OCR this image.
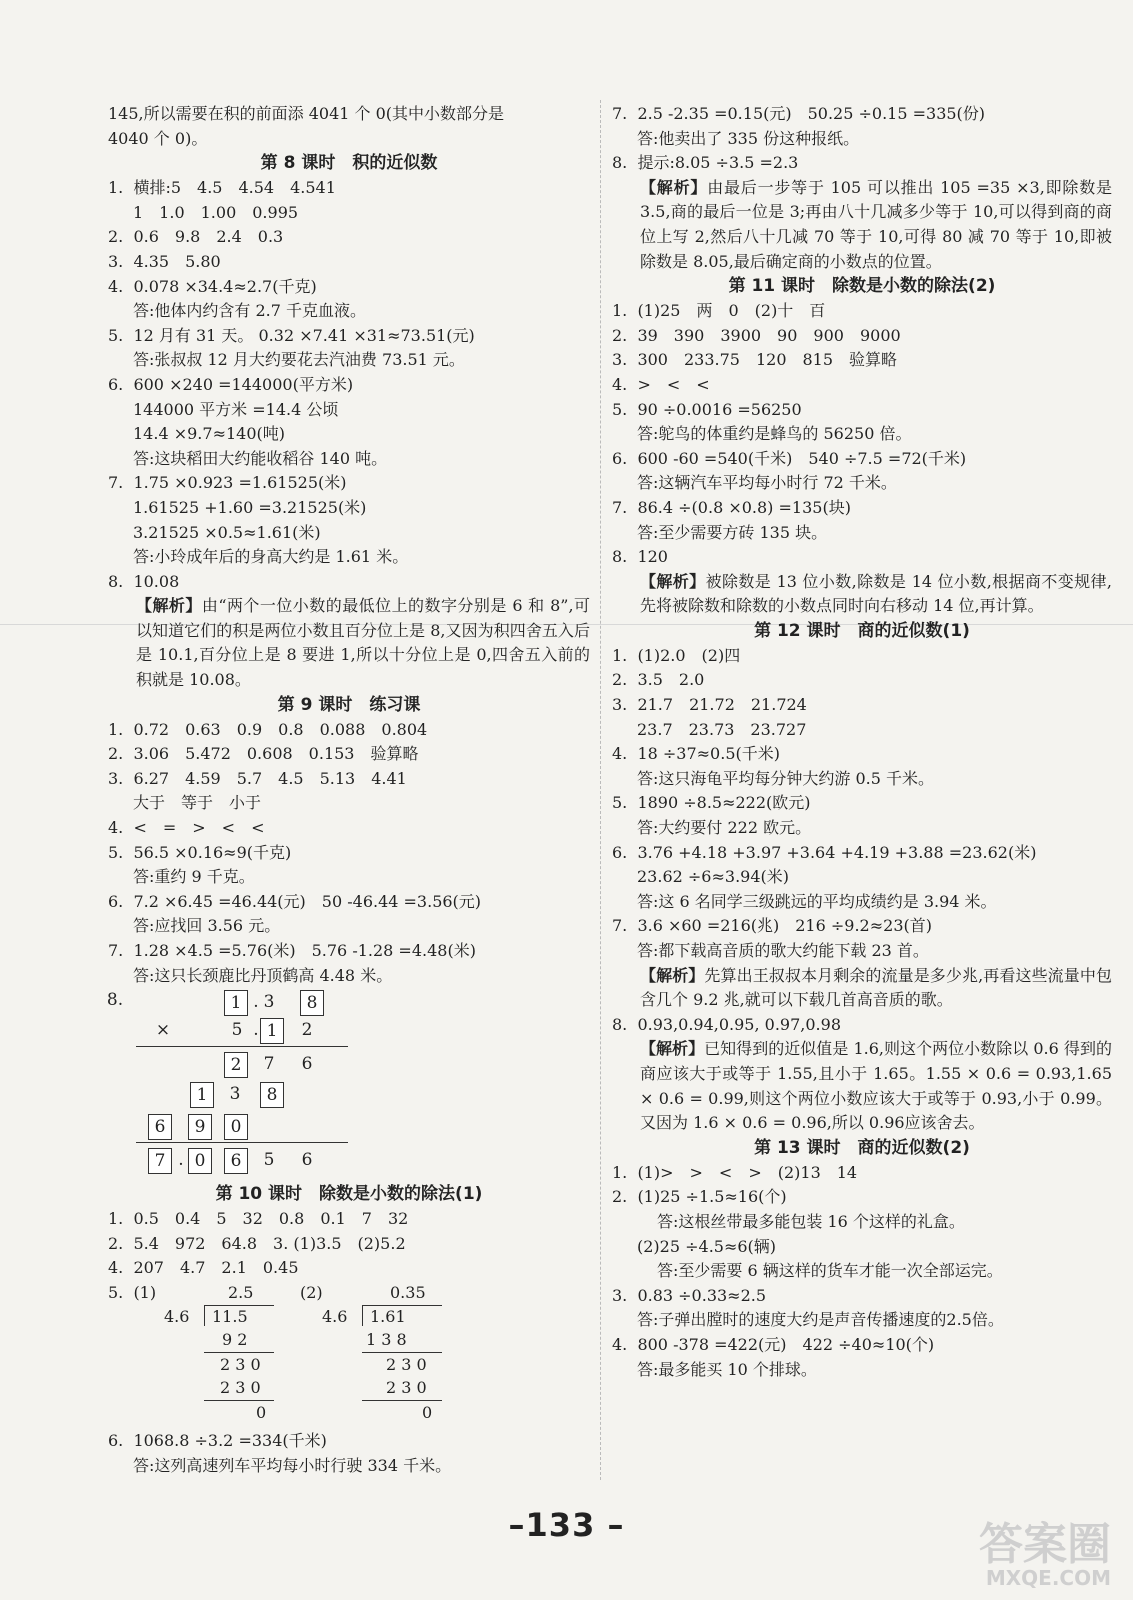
145,所以需要在积的前面添 4041 个 0(其中小数部分是
4040 个 0)。
第 8 课时　积的近似数
1.  横排:5　4.5　4.54　4.541
1　1.0　1.00　0.995
2.  0.6　9.8　2.4　0.3
3.  4.35　5.80
4.  0.078 ×34.4≈2.7(千克)
答:他体内约含有 2.7 千克血液。
5.  12 月有 31 天。 0.32 ×7.41 ×31≈73.51(元)
答:张叔叔 12 月大约要花去汽油费 73.51 元。
6.  600 ×240 =144000(平方米)
144000 平方米 =14.4 公顷
14.4 ×9.7≈140(吨)
答:这块稻田大约能收稻谷 140 吨。
7.  1.75 ×0.923 =1.61525(米)
1.61525 +1.60 =3.21525(米)
3.21525 ×0.5≈1.61(米)
答:小玲成年后的身高大约是 1.61 米。
8.  10.08
【解析】由“两个一位小数的最低位上的数字分别是 6 和 8”,可以知道它们的积是两位小数且百分位上是 8,又因为积四舍五入后是 10.1,百分位上是 8 要进 1,所以十分位上是 0,四舍五入前的积就是 10.08。
第 9 课时　练习课
1.  0.72　0.63　0.9　0.8　0.088　0.804
2.  3.06　5.472　0.608　0.153　验算略
3.  6.27　4.59　5.7　4.5　5.13　4.41
大于　等于　小于
4.  <　=　>　<　<
5.  56.5 ×0.16≈9(千克)
答:重约 9 千克。
6.  7.2 ×6.45 =46.44(元)　50 -46.44 =3.56(元)
答:应找回 3.56 元。
7.  1.28 ×4.5 =5.76(米)　5.76 -1.28 =4.48(米)
答:这只长颈鹿比丹顶鹤高 4.48 米。
8.	1 . 3	8
×	5 . 1	2
2	7	6
1	3	8
6	9	0
7 . 0	6	5	6
第 10 课时　除数是小数的除法(1)
1.  0.5　0.4　5　32　0.8　0.1　7　32
2.  5.4　972　64.8　3. (1)3.5　(2)5.2
4.  207　4.7　2.1　0.45
5.  (1)	2.5
4.6 11.5
9 2
2 3 0
2 3 0
0
(2)	0.35
4.6 1.61
1 3 8
2 3 0
2 3 0
0
6.  1068.8 ÷3.2 =334(千米)
答:这列高速列车平均每小时行驶 334 千米。
7.  2.5 -2.35 =0.15(元)　50.25 ÷0.15 =335(份)
答:他卖出了 335 份这种报纸。
8.  提示:8.05 ÷3.5 =2.3
【解析】由最后一步等于 105 可以推出 105 =35 ×3,即除数是 3.5,商的最后一位是 3;再由八十几减多少等于 10,可以得到商的商位上写 2,然后八十几减 70 等于 10,可得 80 减 70 等于 10,即被除数是 8.05,最后确定商的小数点的位置。
第 11 课时　除数是小数的除法(2)
1.  (1)25　两　0　(2)十　百
2.  39　390　3900　90　900　9000
3.  300　233.75　120　815　验算略
4.  >　<　<
5.  90 ÷0.0016 =56250
答:鸵鸟的体重约是蜂鸟的 56250 倍。
6.  600 -60 =540(千米)　540 ÷7.5 =72(千米)
答:这辆汽车平均每小时行 72 千米。
7.  86.4 ÷(0.8 ×0.8) =135(块)
答:至少需要方砖 135 块。
8.  120
【解析】被除数是 13 位小数,除数是 14 位小数,根据商不变规律,先将被除数和除数的小数点同时向右移动 14 位,再计算。
第 12 课时　商的近似数(1)
1.  (1)2.0　(2)四
2.  3.5　2.0
3.  21.7　21.72　21.724
23.7　23.73　23.727
4.  18 ÷37≈0.5(千米)
答:这只海龟平均每分钟大约游 0.5 千米。
5.  1890 ÷8.5≈222(欧元)
答:大约要付 222 欧元。
6.  3.76 +4.18 +3.97 +3.64 +4.19 +3.88 =23.62(米)
23.62 ÷6≈3.94(米)
答:这 6 名同学三级跳远的平均成绩约是 3.94 米。
7.  3.6 ×60 =216(兆)　216 ÷9.2≈23(首)
答:都下载高音质的歌大约能下载 23 首。
【解析】先算出王叔叔本月剩余的流量是多少兆,再看这些流量中包含几个 9.2 兆,就可以下载几首高音质的歌。
8.  0.93,0.94,0.95, 0.97,0.98
【解析】已知得到的近似值是 1.6,则这个两位小数除以 0.6 得到的商应该大于或等于 1.55,且小于 1.65。1.55 × 0.6 = 0.93,1.65 × 0.6 = 0.99,则这个两位小数应该大于或等于 0.93,小于 0.99。又因为 1.6 × 0.6 = 0.96,所以 0.96应该舍去。
第 13 课时　商的近似数(2)
1.  (1)>　>　<　>　(2)13　14
2.  (1)25 ÷1.5≈16(个)
答:这根丝带最多能包装 16 个这样的礼盒。
(2)25 ÷4.5≈6(辆)
答:至少需要 6 辆这样的货车才能一次全部运完。
3.  0.83 ÷0.33≈2.5
答:子弹出膛时的速度大约是声音传播速度的2.5倍。
4.  800 -378 =422(元)　422 ÷40≈10(个)
答:最多能买 10 个排球。
–133 –	答案圈
MXQE.COM
